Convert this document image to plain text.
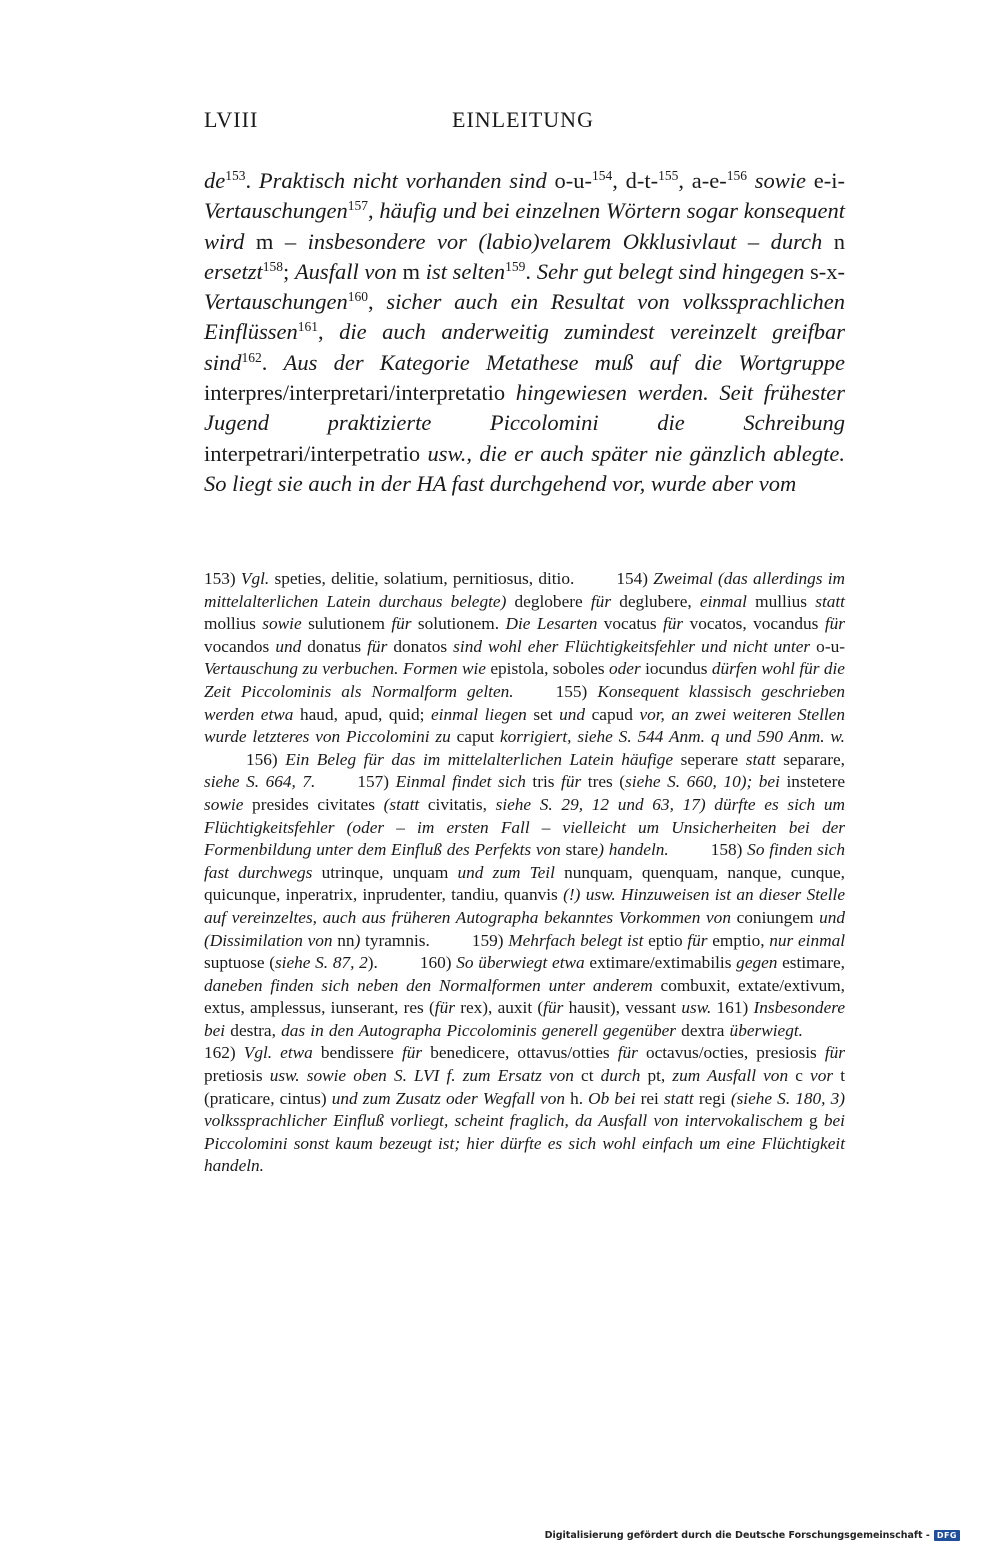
LVIII	EINLEITUNG

$de^{153}$. Praktisch nicht vorhanden sind o-u-$^{154}$, d-t-$^{155}$, a-e-$^{156}$ sowie e-i-Vertauschungen$^{157}$, häufig und bei einzelnen Wörtern sogar konsequent wird m – insbesondere vor (labio)velarem Okklusivlaut – durch n ersetzt$^{158}$; Ausfall von m ist selten$^{159}$. Sehr gut belegt sind hingegen s-x-Vertauschungen$^{160}$, sicher auch ein Resultat von volkssprachlichen Einflüssen$^{161}$, die auch anderweitig zumindest vereinzelt greifbar sind$^{162}$. Aus der Kategorie Metathese muß auf die Wortgruppe interpres/interpretari/interpretatio hingewiesen werden. Seit frühester Jugend praktizierte Piccolomini die Schreibung interpetrari/interpetratio usw., die er auch später nie gänzlich ablegte. So liegt sie auch in der HA fast durchgehend vor, wurde aber vom

153) Vgl. speties, delitie, solatium, pernitiosus, ditio. 154) Zweimal (das allerdings im mittelalterlichen Latein durchaus belegte) deglobere für deglubere, einmal mullius statt mollius sowie sulutionem für solutionem. Die Lesarten vocatus für vocatos, vocandus für vocandos und donatus für donatos sind wohl eher Flüchtigkeitsfehler und nicht unter o-u-Vertauschung zu verbuchen. Formen wie epistola, soboles oder iocundus dürfen wohl für die Zeit Piccolominis als Normalform gelten. 155) Konsequent klassisch geschrieben werden etwa haud, apud, quid; einmal liegen set und capud vor, an zwei weiteren Stellen wurde letzteres von Piccolomini zu caput korrigiert, siehe S. 544 Anm. q und 590 Anm. w.156) Ein Beleg für das im mittelalterlichen Latein häufige seperare statt separare, siehe S. 664, 7. 157) Einmal findet sich tris für tres (siehe S. 660, 10); bei instetere sowie presides civitates (statt civitatis, siehe S. 29, 12 und 63, 17) dürfte es sich um Flüchtigkeitsfehler (oder – im ersten Fall – vielleicht um Unsicherheiten bei der Formenbildung unter dem Einfluß des Perfekts von stare) handeln. 158) So finden sich fast durchwegs utrinque, unquam und zum Teil nunquam, quenquam, nanque, cunque, quicunque, inperatrix, inprudenter, tandiu, quanvis (!) usw. Hinzuweisen ist an dieser Stelle auf vereinzeltes, auch aus früheren Autographa bekanntes Vorkommen von coniungem und (Dissimilation von nn) tyramnis. 159) Mehrfach belegt ist eptio für emptio, nur einmal suptuose (siehe S. 87, 2). 160) So überwiegt etwa extimare/extimabilis gegen estimare, daneben finden sich neben den Normalformen unter anderem combuxit, extate/extivum, extus, amplessus, iunserant, res (für rex), auxit (für hausit), vessant usw. 161) Insbesondere bei destra, das in den Autographa Piccolominis generell gegenüber dextra überwiegt.162) Vgl. etwa bendissere für benedicere, ottavus/otties für octavus/octies, presiosis für pretiosis usw. sowie oben S. LVI f. zum Ersatz von ct durch pt, zum Ausfall von c vor t (praticare, cintus) und zum Zusatz oder Wegfall von h. Ob bei rei statt regi (siehe S. 180, 3) volkssprachlicher Einfluß vorliegt, scheint fraglich, da Ausfall von intervokalischem g bei Piccolomini sonst kaum bezeugt ist; hier dürfte es sich wohl einfach um eine Flüchtigkeit handeln.

Digitalisierung gefördert durch die Deutsche Forschungsgemeinschaft - DFG
